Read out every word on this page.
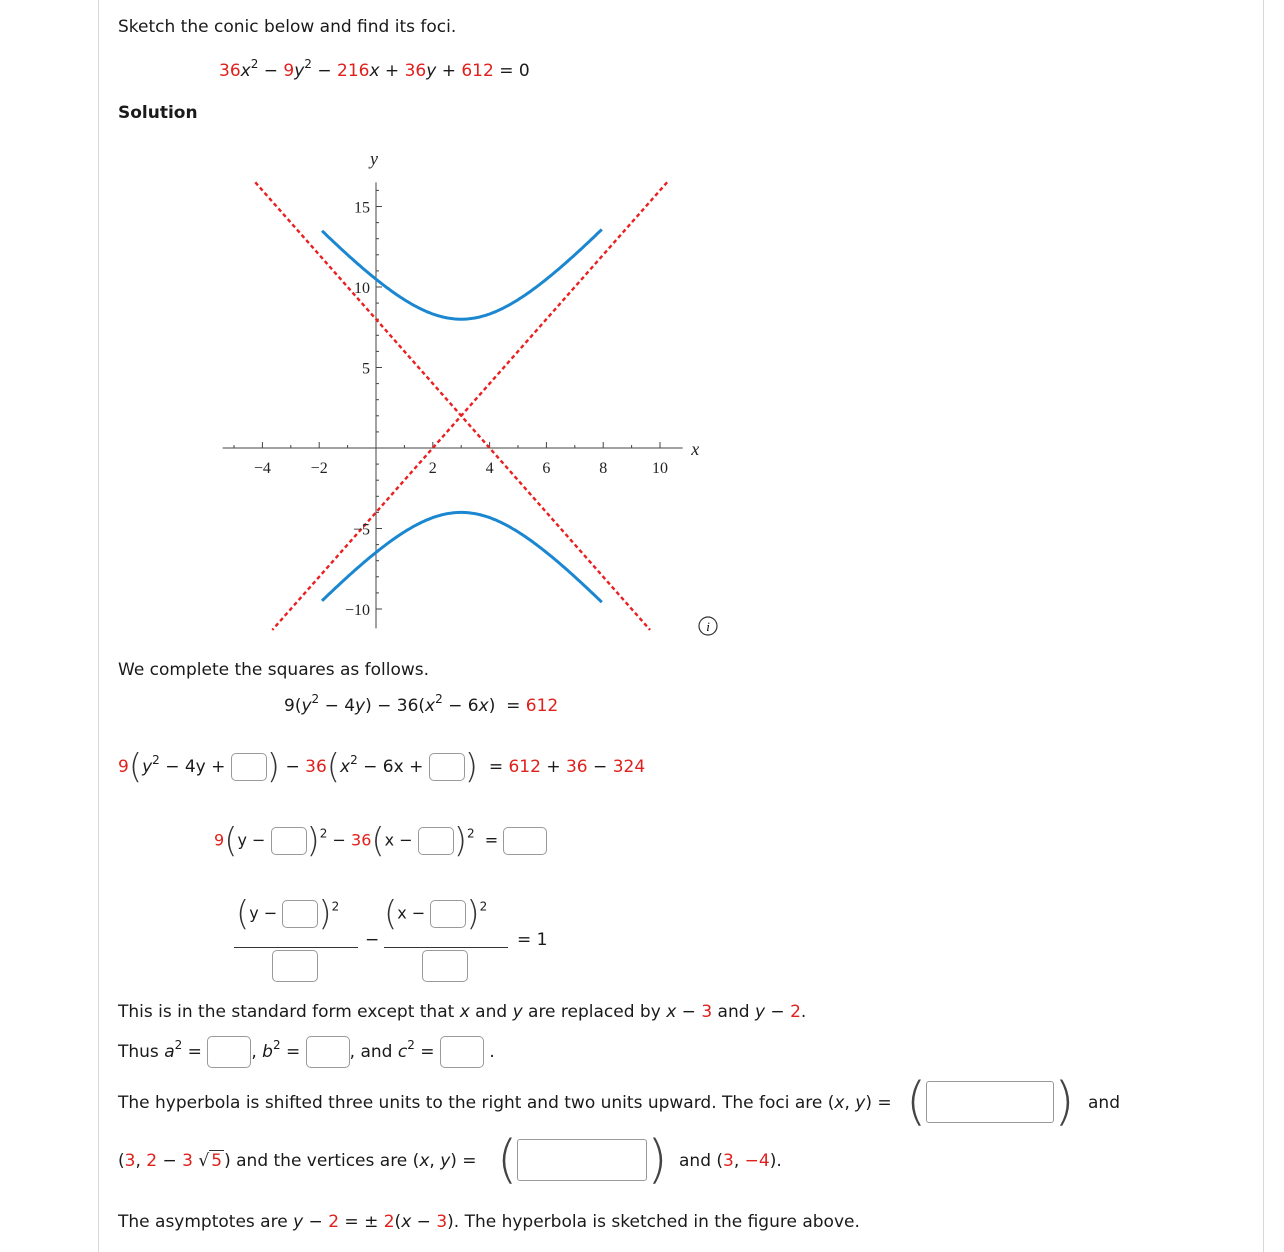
Sketch the conic below and find its foci.
$36x^2 - 9y^2 - 216x + 36y + 612 = 0$
Solution
−4 −2	2	4	6	8	10
15
10
5
−5
−10
x
y
i
We complete the squares as follows.
$9(y^2 - 4y) - 36(x^2 - 6x) = 612$
$9(y^2 - 4y$ + ) − $36(x^2 - 6x$ + ) = 612 + 36 − 324
$9(y - )^2 - 36(x - )^2$ =
$(y - )^2$
−
$(x - )^2$
= 1
This is in the standard form except that x and y are replaced by x − 3 and y − 2.
Thus $a^2$ =	, $b^2$ =	, and $c^2$ =	.
The hyperbola is shifted three units to the right and two units upward. The foci are (x, y) = ( ) and
(3, 2 − 3 √ 5 ) and the vertices are (x, y) = (	) and (3, −4).
The asymptotes are y − 2 = ± 2(x − 3). The hyperbola is sketched in the figure above.
